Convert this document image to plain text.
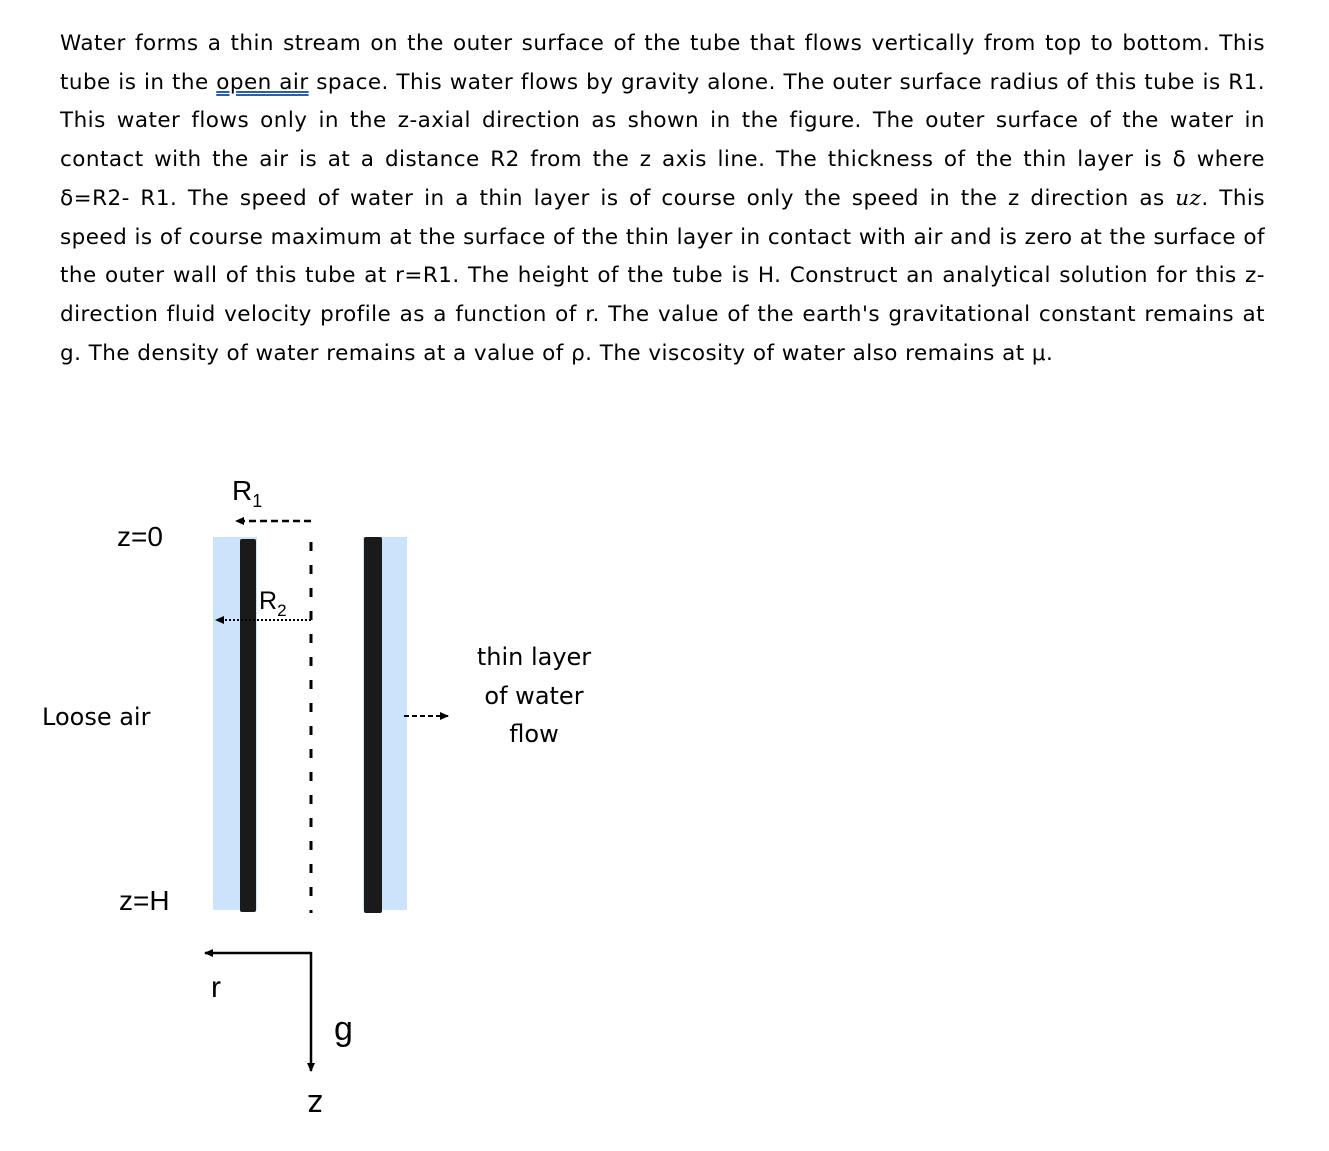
Water forms a thin stream on the outer surface of the tube that flows vertically from top to bottom. This tube is in the open air space. This water flows by gravity alone. The outer surface radius of this tube is R1. This water flows only in the z-axial direction as shown in the figure. The outer surface of the water in contact with the air is at a distance R2 from the z axis line. The thickness of the thin layer is δ where δ=R2- R1. The speed of water in a thin layer is of course only the speed in the z direction as uz. This speed is of course maximum at the surface of the thin layer in contact with air and is zero at the surface of the outer wall of this tube at r=R1. The height of the tube is H. Construct an analytical solution for this z-direction fluid velocity profile as a function of r. The value of the earth's gravitational constant remains at g. The density of water remains at a value of ρ. The viscosity of water also remains at μ.

$R_1$
$R_2$
z=0
z=H
Loose air
thin layer
of water
flow
r
g
z
